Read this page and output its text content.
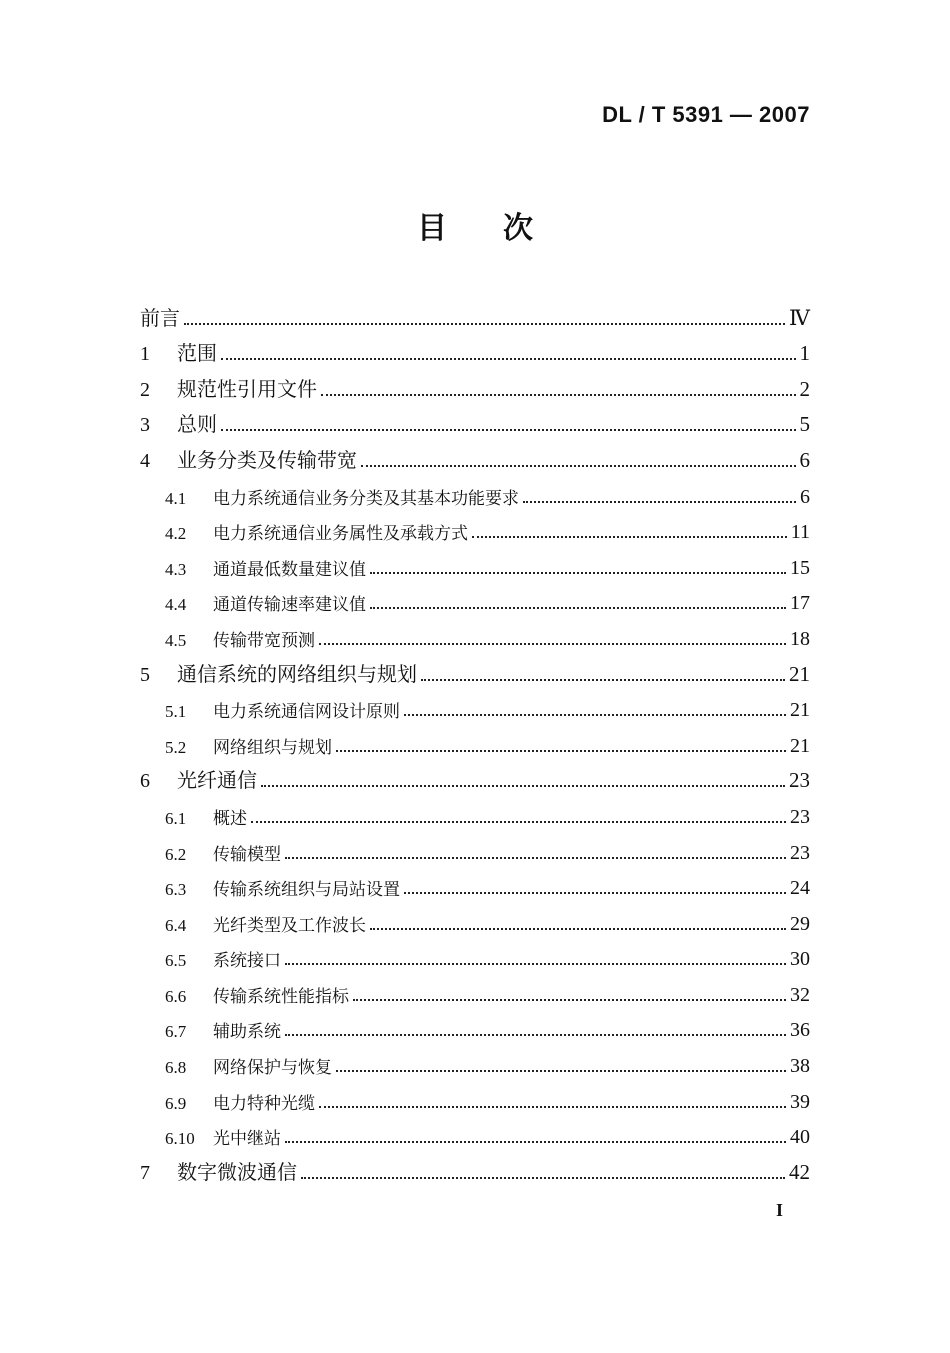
DL / T 5391 — 2007
目次
前言	Ⅳ
1	范围	1
2	规范性引用文件	2
3	总则	5
4	业务分类及传输带宽	6
4.1	电力系统通信业务分类及其基本功能要求	6
4.2	电力系统通信业务属性及承载方式	11
4.3	通道最低数量建议值	15
4.4	通道传输速率建议值	17
4.5	传输带宽预测	18
5	通信系统的网络组织与规划	21
5.1	电力系统通信网设计原则	21
5.2	网络组织与规划	21
6	光纤通信	23
6.1	概述	23
6.2	传输模型	23
6.3	传输系统组织与局站设置	24
6.4	光纤类型及工作波长	29
6.5	系统接口	30
6.6	传输系统性能指标	32
6.7	辅助系统	36
6.8	网络保护与恢复	38
6.9	电力特种光缆	39
6.10	光中继站	40
7	数字微波通信	42
I
